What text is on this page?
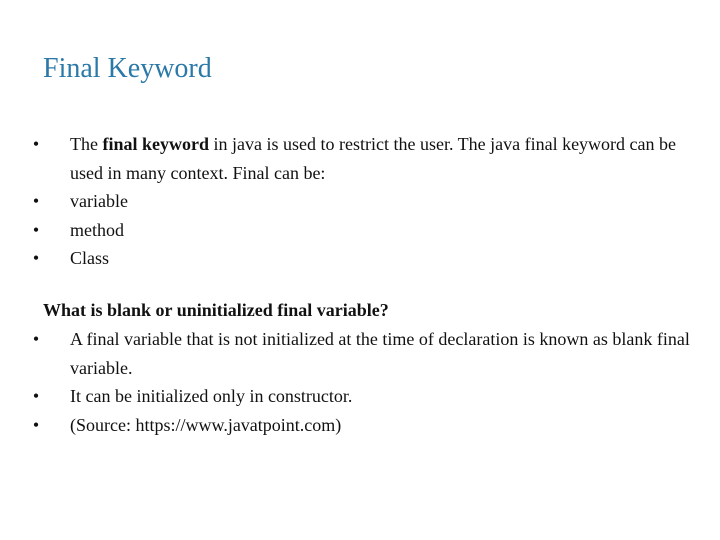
Final Keyword
• The final keyword in java is used to restrict the user. The java final keyword can be used in many context. Final can be:
• variable
• method
• Class
What is blank or uninitialized final variable?
• A final variable that is not initialized at the time of declaration is known as blank final variable.
• It can be initialized only in constructor.
• (Source: https://www.javatpoint.com)
